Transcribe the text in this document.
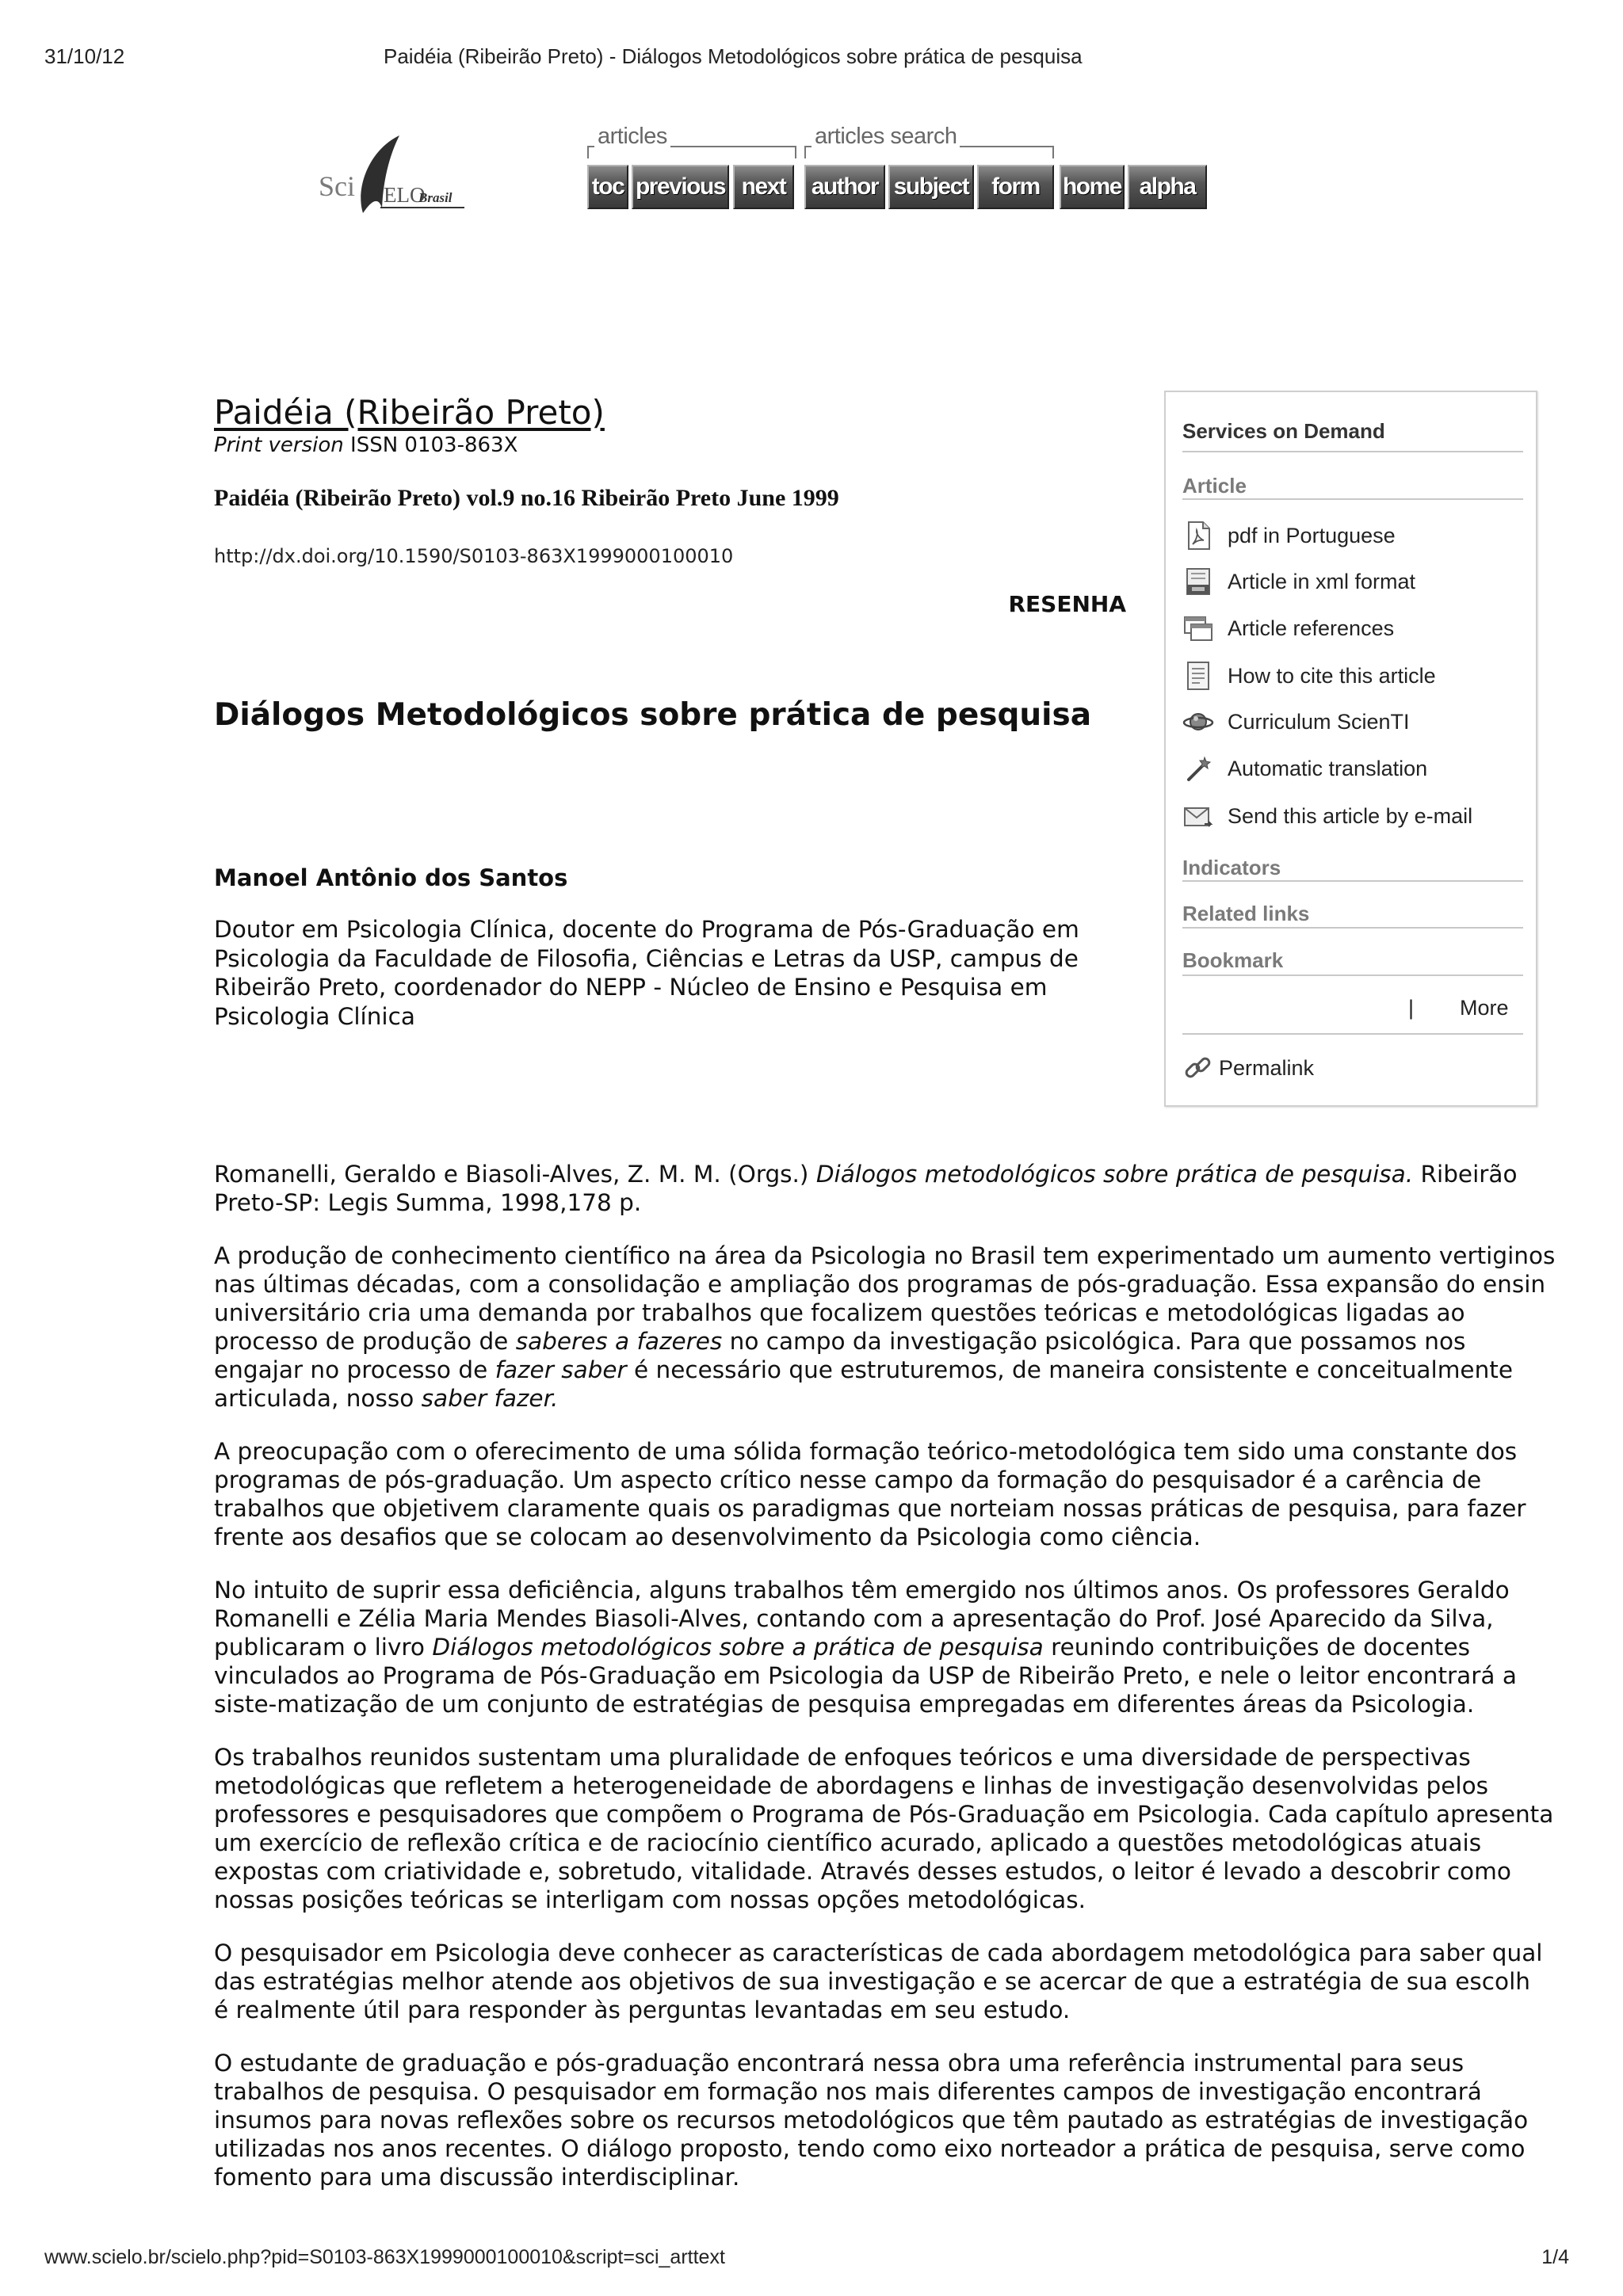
31/10/12	Paidéia (Ribeirão Preto) - Diálogos Metodológicos sobre prática de pesquisa
Sci ELO
Brasil
articles	articles search
toc previous next	author subject form home alpha
Paidéia (Ribeirão Preto)
Print version ISSN 0103-863X
Paidéia (Ribeirão Preto) vol.9 no.16 Ribeirão Preto June 1999
http://dx.doi.org/10.1590/S0103-863X1999000100010
RESENHA
Diálogos Metodológicos sobre prática de pesquisa
Manoel Antônio dos Santos
Doutor em Psicologia Clínica, docente do Programa de Pós-Graduação em
Psicologia da Faculdade de Filosofia, Ciências e Letras da USP, campus de
Ribeirão Preto, coordenador do NEPP - Núcleo de Ensino e Pesquisa em
Psicologia Clínica
Services on Demand
Article
pdf in Portuguese
Article in xml format
Article references
How to cite this article
Curriculum ScienTI
Automatic translation
Send this article by e-mail
Indicators
Related links
Bookmark
| More
Permalink
Romanelli, Geraldo e Biasoli-Alves, Z. M. M. (Orgs.) Diálogos metodológicos sobre prática de pesquisa. Ribeirão
Preto-SP: Legis Summa, 1998,178 p.
A produção de conhecimento científico na área da Psicologia no Brasil tem experimentado um aumento vertiginos
nas últimas décadas, com a consolidação e ampliação dos programas de pós-graduação. Essa expansão do ensin
universitário cria uma demanda por trabalhos que focalizem questões teóricas e metodológicas ligadas ao
processo de produção de saberes a fazeres no campo da investigação psicológica. Para que possamos nos
engajar no processo de fazer saber é necessário que estruturemos, de maneira consistente e conceitualmente
articulada, nosso saber fazer.
A preocupação com o oferecimento de uma sólida formação teórico-metodológica tem sido uma constante dos
programas de pós-graduação. Um aspecto crítico nesse campo da formação do pesquisador é a carência de
trabalhos que objetivem claramente quais os paradigmas que norteiam nossas práticas de pesquisa, para fazer
frente aos desafios que se colocam ao desenvolvimento da Psicologia como ciência.
No intuito de suprir essa deficiência, alguns trabalhos têm emergido nos últimos anos. Os professores Geraldo
Romanelli e Zélia Maria Mendes Biasoli-Alves, contando com a apresentação do Prof. José Aparecido da Silva,
publicaram o livro Diálogos metodológicos sobre a prática de pesquisa reunindo contribuições de docentes
vinculados ao Programa de Pós-Graduação em Psicologia da USP de Ribeirão Preto, e nele o leitor encontrará a
siste-matização de um conjunto de estratégias de pesquisa empregadas em diferentes áreas da Psicologia.
Os trabalhos reunidos sustentam uma pluralidade de enfoques teóricos e uma diversidade de perspectivas
metodológicas que refletem a heterogeneidade de abordagens e linhas de investigação desenvolvidas pelos
professores e pesquisadores que compõem o Programa de Pós-Graduação em Psicologia. Cada capítulo apresenta
um exercício de reflexão crítica e de raciocínio científico acurado, aplicado a questões metodológicas atuais
expostas com criatividade e, sobretudo, vitalidade. Através desses estudos, o leitor é levado a descobrir como
nossas posições teóricas se interligam com nossas opções metodológicas.
O pesquisador em Psicologia deve conhecer as características de cada abordagem metodológica para saber qual
das estratégias melhor atende aos objetivos de sua investigação e se acercar de que a estratégia de sua escolh
é realmente útil para responder às perguntas levantadas em seu estudo.
O estudante de graduação e pós-graduação encontrará nessa obra uma referência instrumental para seus
trabalhos de pesquisa. O pesquisador em formação nos mais diferentes campos de investigação encontrará
insumos para novas reflexões sobre os recursos metodológicos que têm pautado as estratégias de investigação
utilizadas nos anos recentes. O diálogo proposto, tendo como eixo norteador a prática de pesquisa, serve como
fomento para uma discussão interdisciplinar.
www.scielo.br/scielo.php?pid=S0103-863X1999000100010&script=sci_arttext	1/4
